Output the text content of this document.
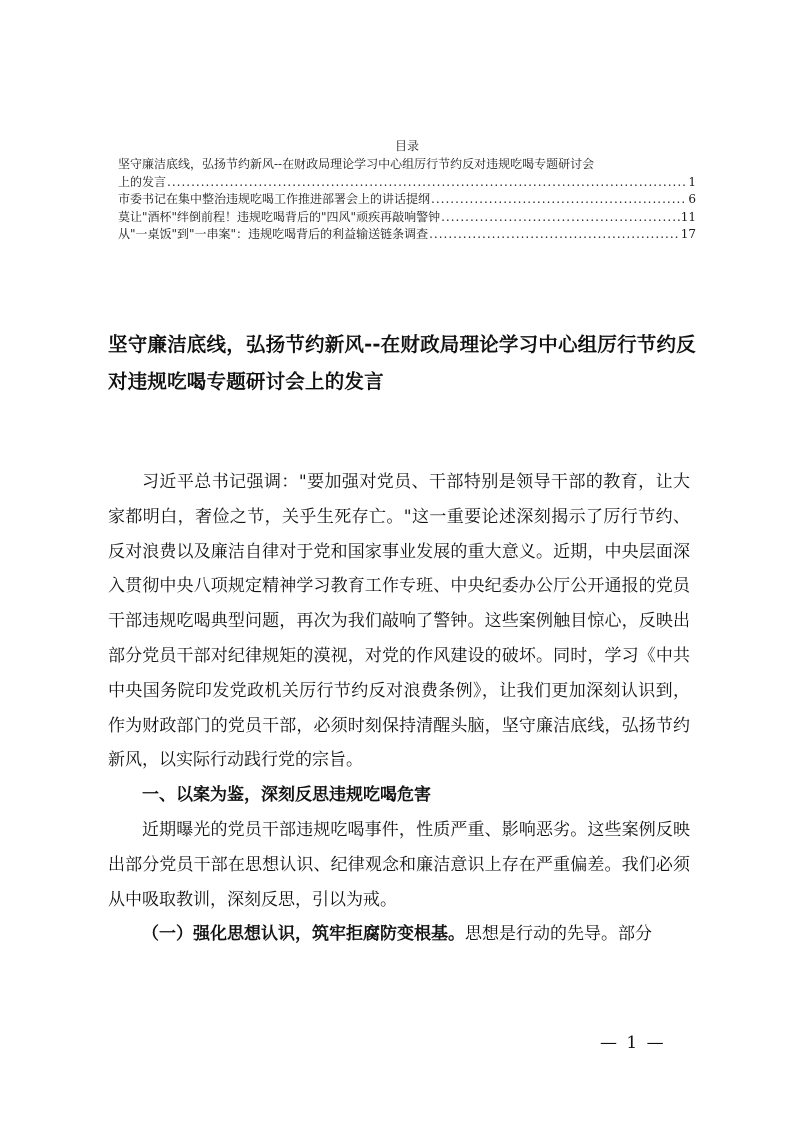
目录
坚守廉洁底线，弘扬节约新风--在财政局理论学习中心组厉行节约反对违规吃喝专题研讨会
上的发言 .....	1
市委书记在集中整治违规吃喝工作推进部署会上的讲话提纲 .....	6
莫让"酒杯"绊倒前程！违规吃喝背后的"四风"顽疾再敲响警钟 .....	11
从"一桌饭"到"一串案"：违规吃喝背后的利益输送链条调查 .....	17
坚守廉洁底线，弘扬节约新风--在财政局理论学习中心组厉行节约反对违规吃喝专题研讨会上的发言

习近平总书记强调："要加强对党员、干部特别是领导干部的教育，让大家都明白，奢俭之节，关乎生死存亡。"这一重要论述深刻揭示了厉行节约、反对浪费以及廉洁自律对于党和国家事业发展的重大意义。近期，中央层面深入贯彻中央八项规定精神学习教育工作专班、中央纪委办公厅公开通报的党员干部违规吃喝典型问题，再次为我们敲响了警钟。这些案例触目惊心，反映出部分党员干部对纪律规矩的漠视，对党的作风建设的破坏。同时，学习《中共中央国务院印发党政机关厉行节约反对浪费条例》，让我们更加深刻认识到，作为财政部门的党员干部，必须时刻保持清醒头脑，坚守廉洁底线，弘扬节约新风，以实际行动践行党的宗旨。

一、以案为鉴，深刻反思违规吃喝危害

近期曝光的党员干部违规吃喝事件，性质严重、影响恶劣。这些案例反映出部分党员干部在思想认识、纪律观念和廉洁意识上存在严重偏差。我们必须从中吸取教训，深刻反思，引以为戒。

（一）强化思想认识，筑牢拒腐防变根基。思想是行动的先导。部分

— 1 —
